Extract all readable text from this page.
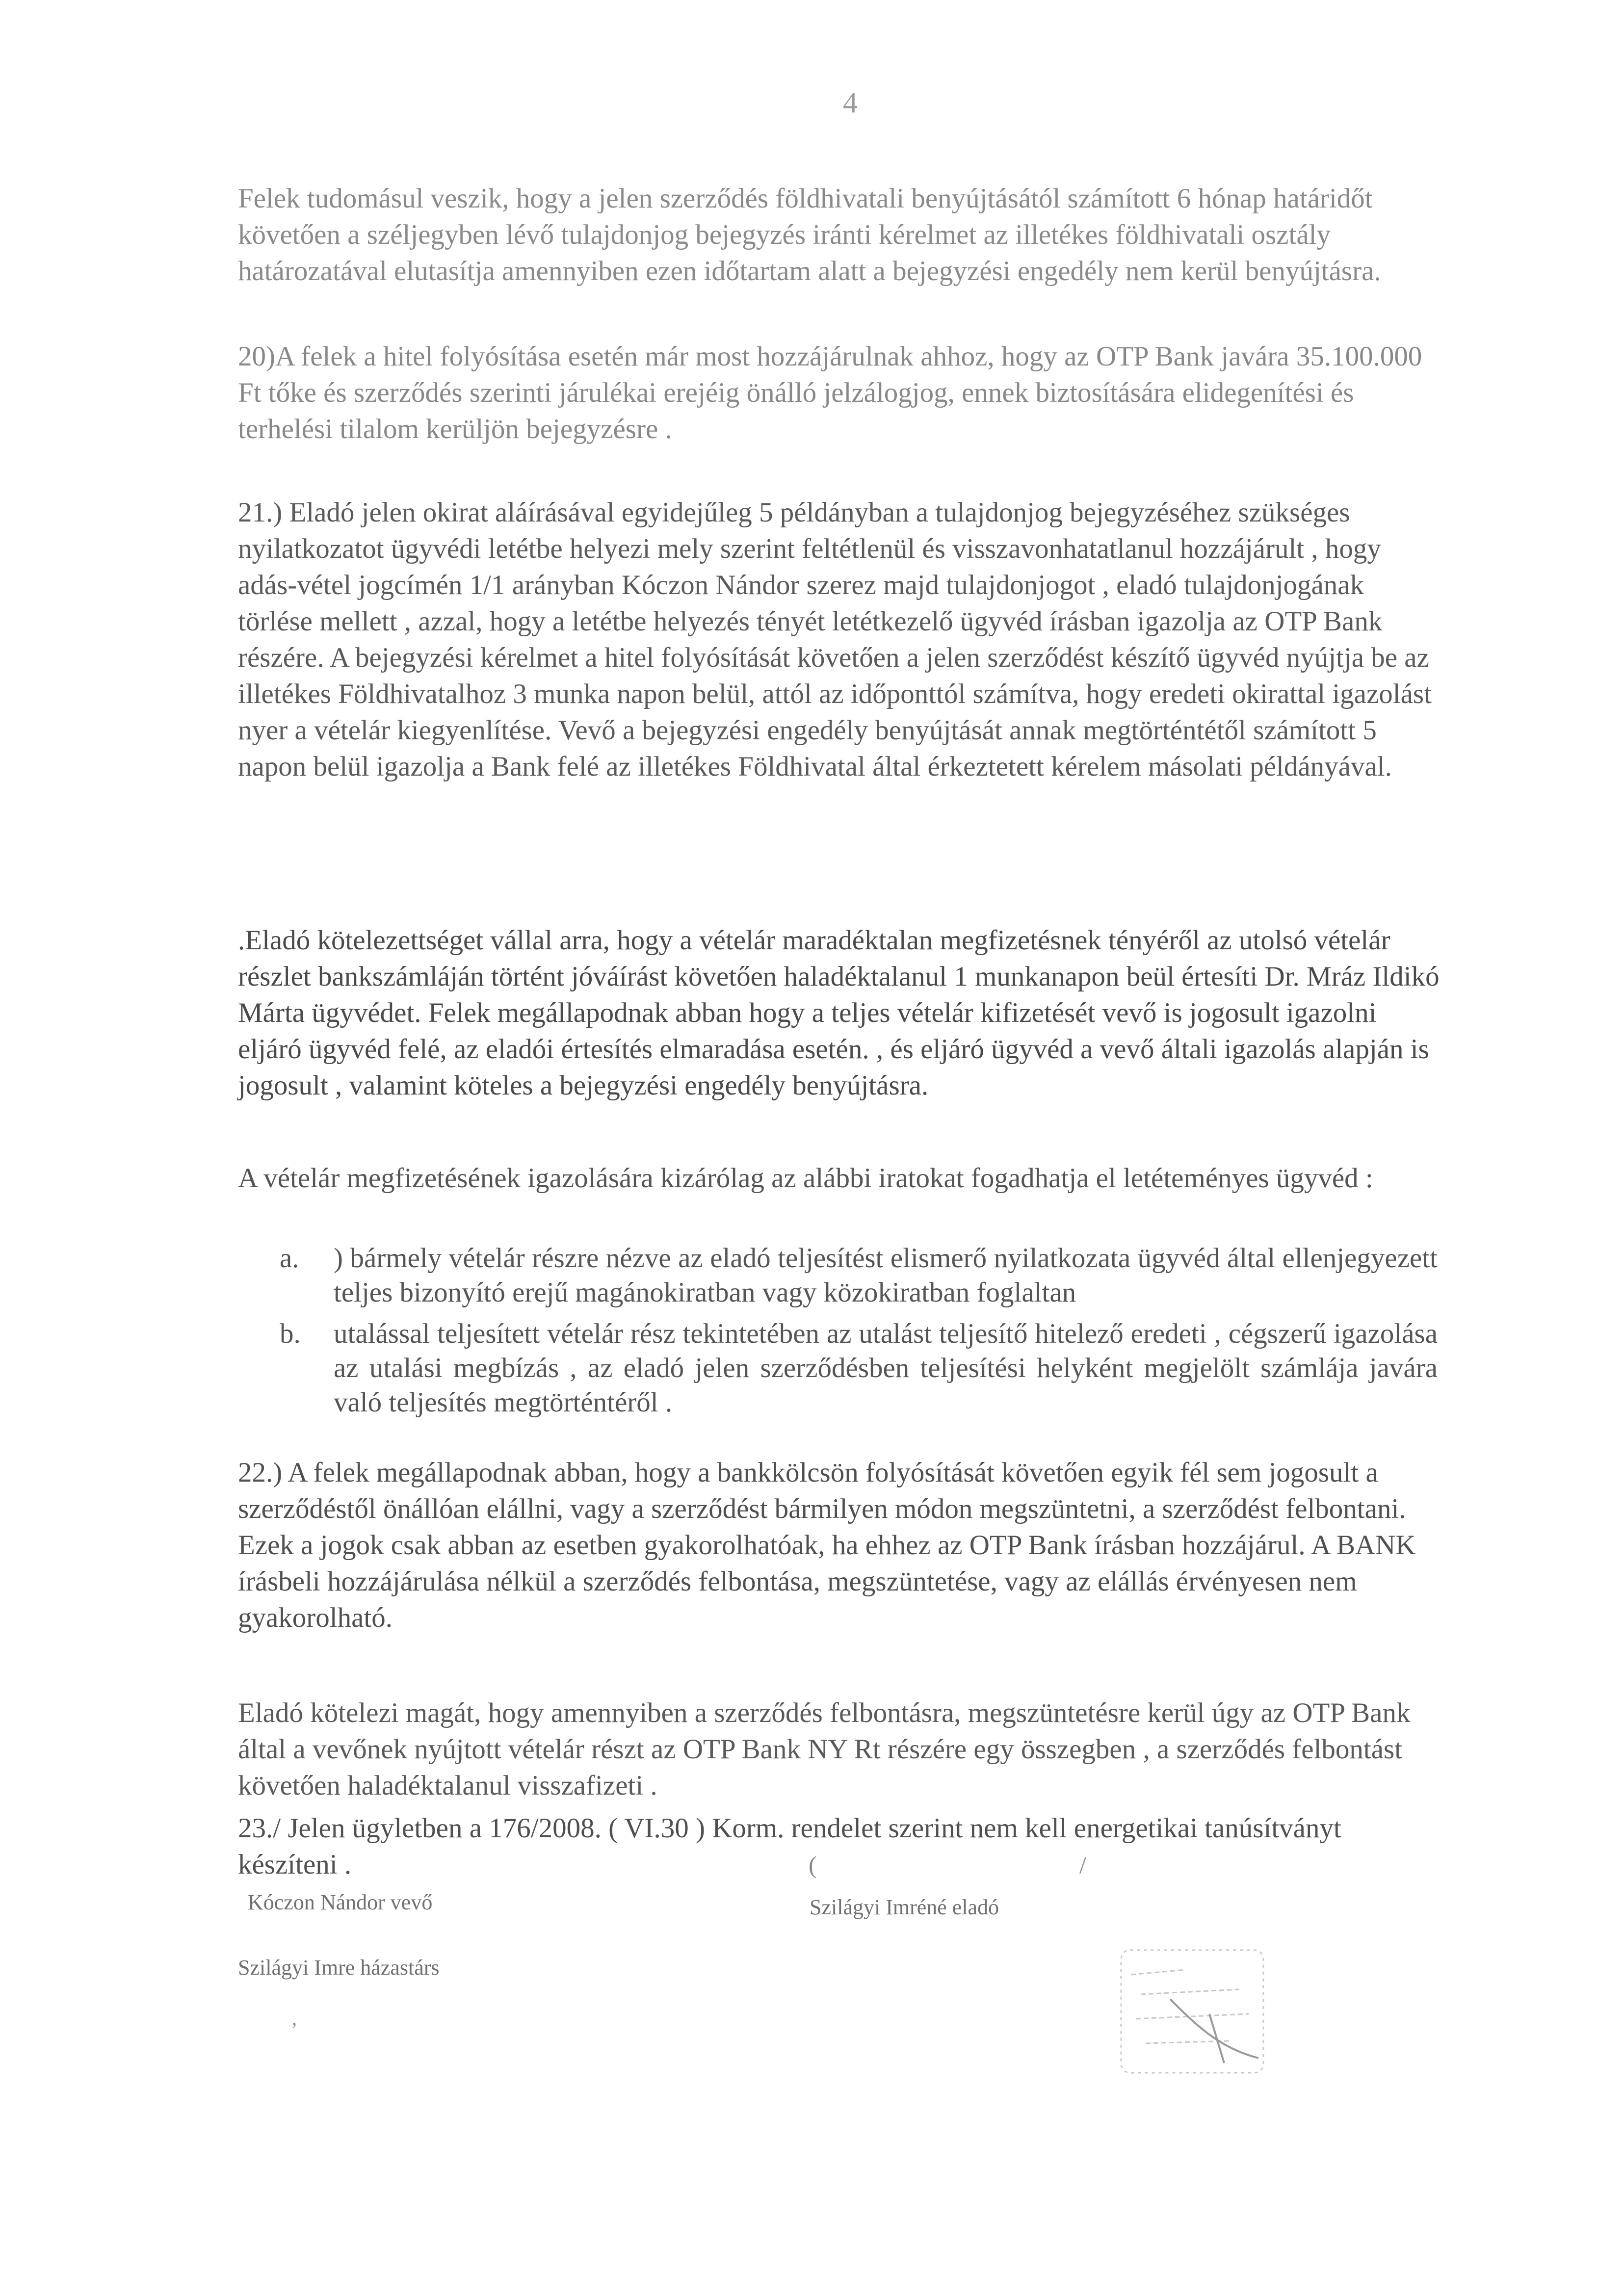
4

Felek tudomásul veszik, hogy a jelen szerződés földhivatali benyújtásától számított 6 hónap határidőt követően a széljegyben lévő tulajdonjog bejegyzés iránti kérelmet az illetékes földhivatali osztály határozatával elutasítja amennyiben ezen időtartam alatt a bejegyzési engedély nem kerül benyújtásra.

20)A felek a hitel folyósítása esetén már most hozzájárulnak ahhoz, hogy az OTP Bank javára 35.100.000 Ft tőke és szerződés szerinti járulékai erejéig önálló jelzálogjog, ennek biztosítására elidegenítési és terhelési tilalom kerüljön bejegyzésre .

21.) Eladó jelen okirat aláírásával egyidejűleg 5 példányban a tulajdonjog bejegyzéséhez szükséges nyilatkozatot ügyvédi letétbe helyezi mely szerint feltétlenül és visszavonhatatlanul hozzájárult , hogy adás-vétel jogcímén 1/1 arányban Kóczon Nándor szerez majd tulajdonjogot , eladó tulajdonjogának törlése mellett , azzal, hogy a letétbe helyezés tényét letétkezelő ügyvéd írásban igazolja az OTP Bank részére. A bejegyzési kérelmet a hitel folyósítását követően a jelen szerződést készítő ügyvéd nyújtja be az illetékes Földhivatalhoz 3 munka napon belül, attól az időponttól számítva, hogy eredeti okirattal igazolást nyer a vételár kiegyenlítése. Vevő a bejegyzési engedély benyújtását annak megtörténtétől számított 5 napon belül igazolja a Bank felé az illetékes Földhivatal által érkeztetett kérelem másolati példányával.

.Eladó kötelezettséget vállal arra, hogy a vételár maradéktalan megfizetésnek tényéről az utolsó vételár részlet bankszámláján történt jóváírást követően haladéktalanul 1 munkanapon beül értesíti Dr. Mráz Ildikó Márta ügyvédet. Felek megállapodnak abban hogy a teljes vételár kifizetését vevő is jogosult igazolni eljáró ügyvéd felé, az eladói értesítés elmaradása esetén. , és eljáró ügyvéd a vevő általi igazolás alapján is jogosult , valamint köteles a bejegyzési engedély benyújtásra.

A vételár megfizetésének igazolására kizárólag az alábbi iratokat fogadhatja el letéteményes ügyvéd :

a. ) bármely vételár részre nézve az eladó teljesítést elismerő nyilatkozata ügyvéd által ellenjegyezett teljes bizonyító erejű magánokiratban vagy közokiratban foglaltan
b. utalással teljesített vételár rész tekintetében az utalást teljesítő hitelező eredeti , cégszerű igazolása az utalási megbízás , az eladó jelen szerződésben teljesítési helyként megjelölt számlája javára való teljesítés megtörténtéről .

22.) A felek megállapodnak abban, hogy a bankkölcsön folyósítását követően egyik fél sem jogosult a szerződéstől önállóan elállni, vagy a szerződést bármilyen módon megszüntetni, a szerződést felbontani. Ezek a jogok csak abban az esetben gyakorolhatóak, ha ehhez az OTP Bank írásban hozzájárul. A BANK írásbeli hozzájárulása nélkül a szerződés felbontása, megszüntetése, vagy az elállás érvényesen nem gyakorolható.

Eladó kötelezi magát, hogy amennyiben a szerződés felbontásra, megszüntetésre kerül úgy az OTP Bank által a vevőnek nyújtott vételár részt az OTP Bank NY Rt részére egy összegben , a szerződés felbontást követően haladéktalanul visszafizeti .

23./ Jelen ügyletben a 176/2008. ( VI.30 ) Korm. rendelet szerint nem kell energetikai tanúsítványt készíteni .

Kóczon Nándor vevő	Szilágyi Imréné eladó
Szilágyi Imre házastárs
(	/
,
